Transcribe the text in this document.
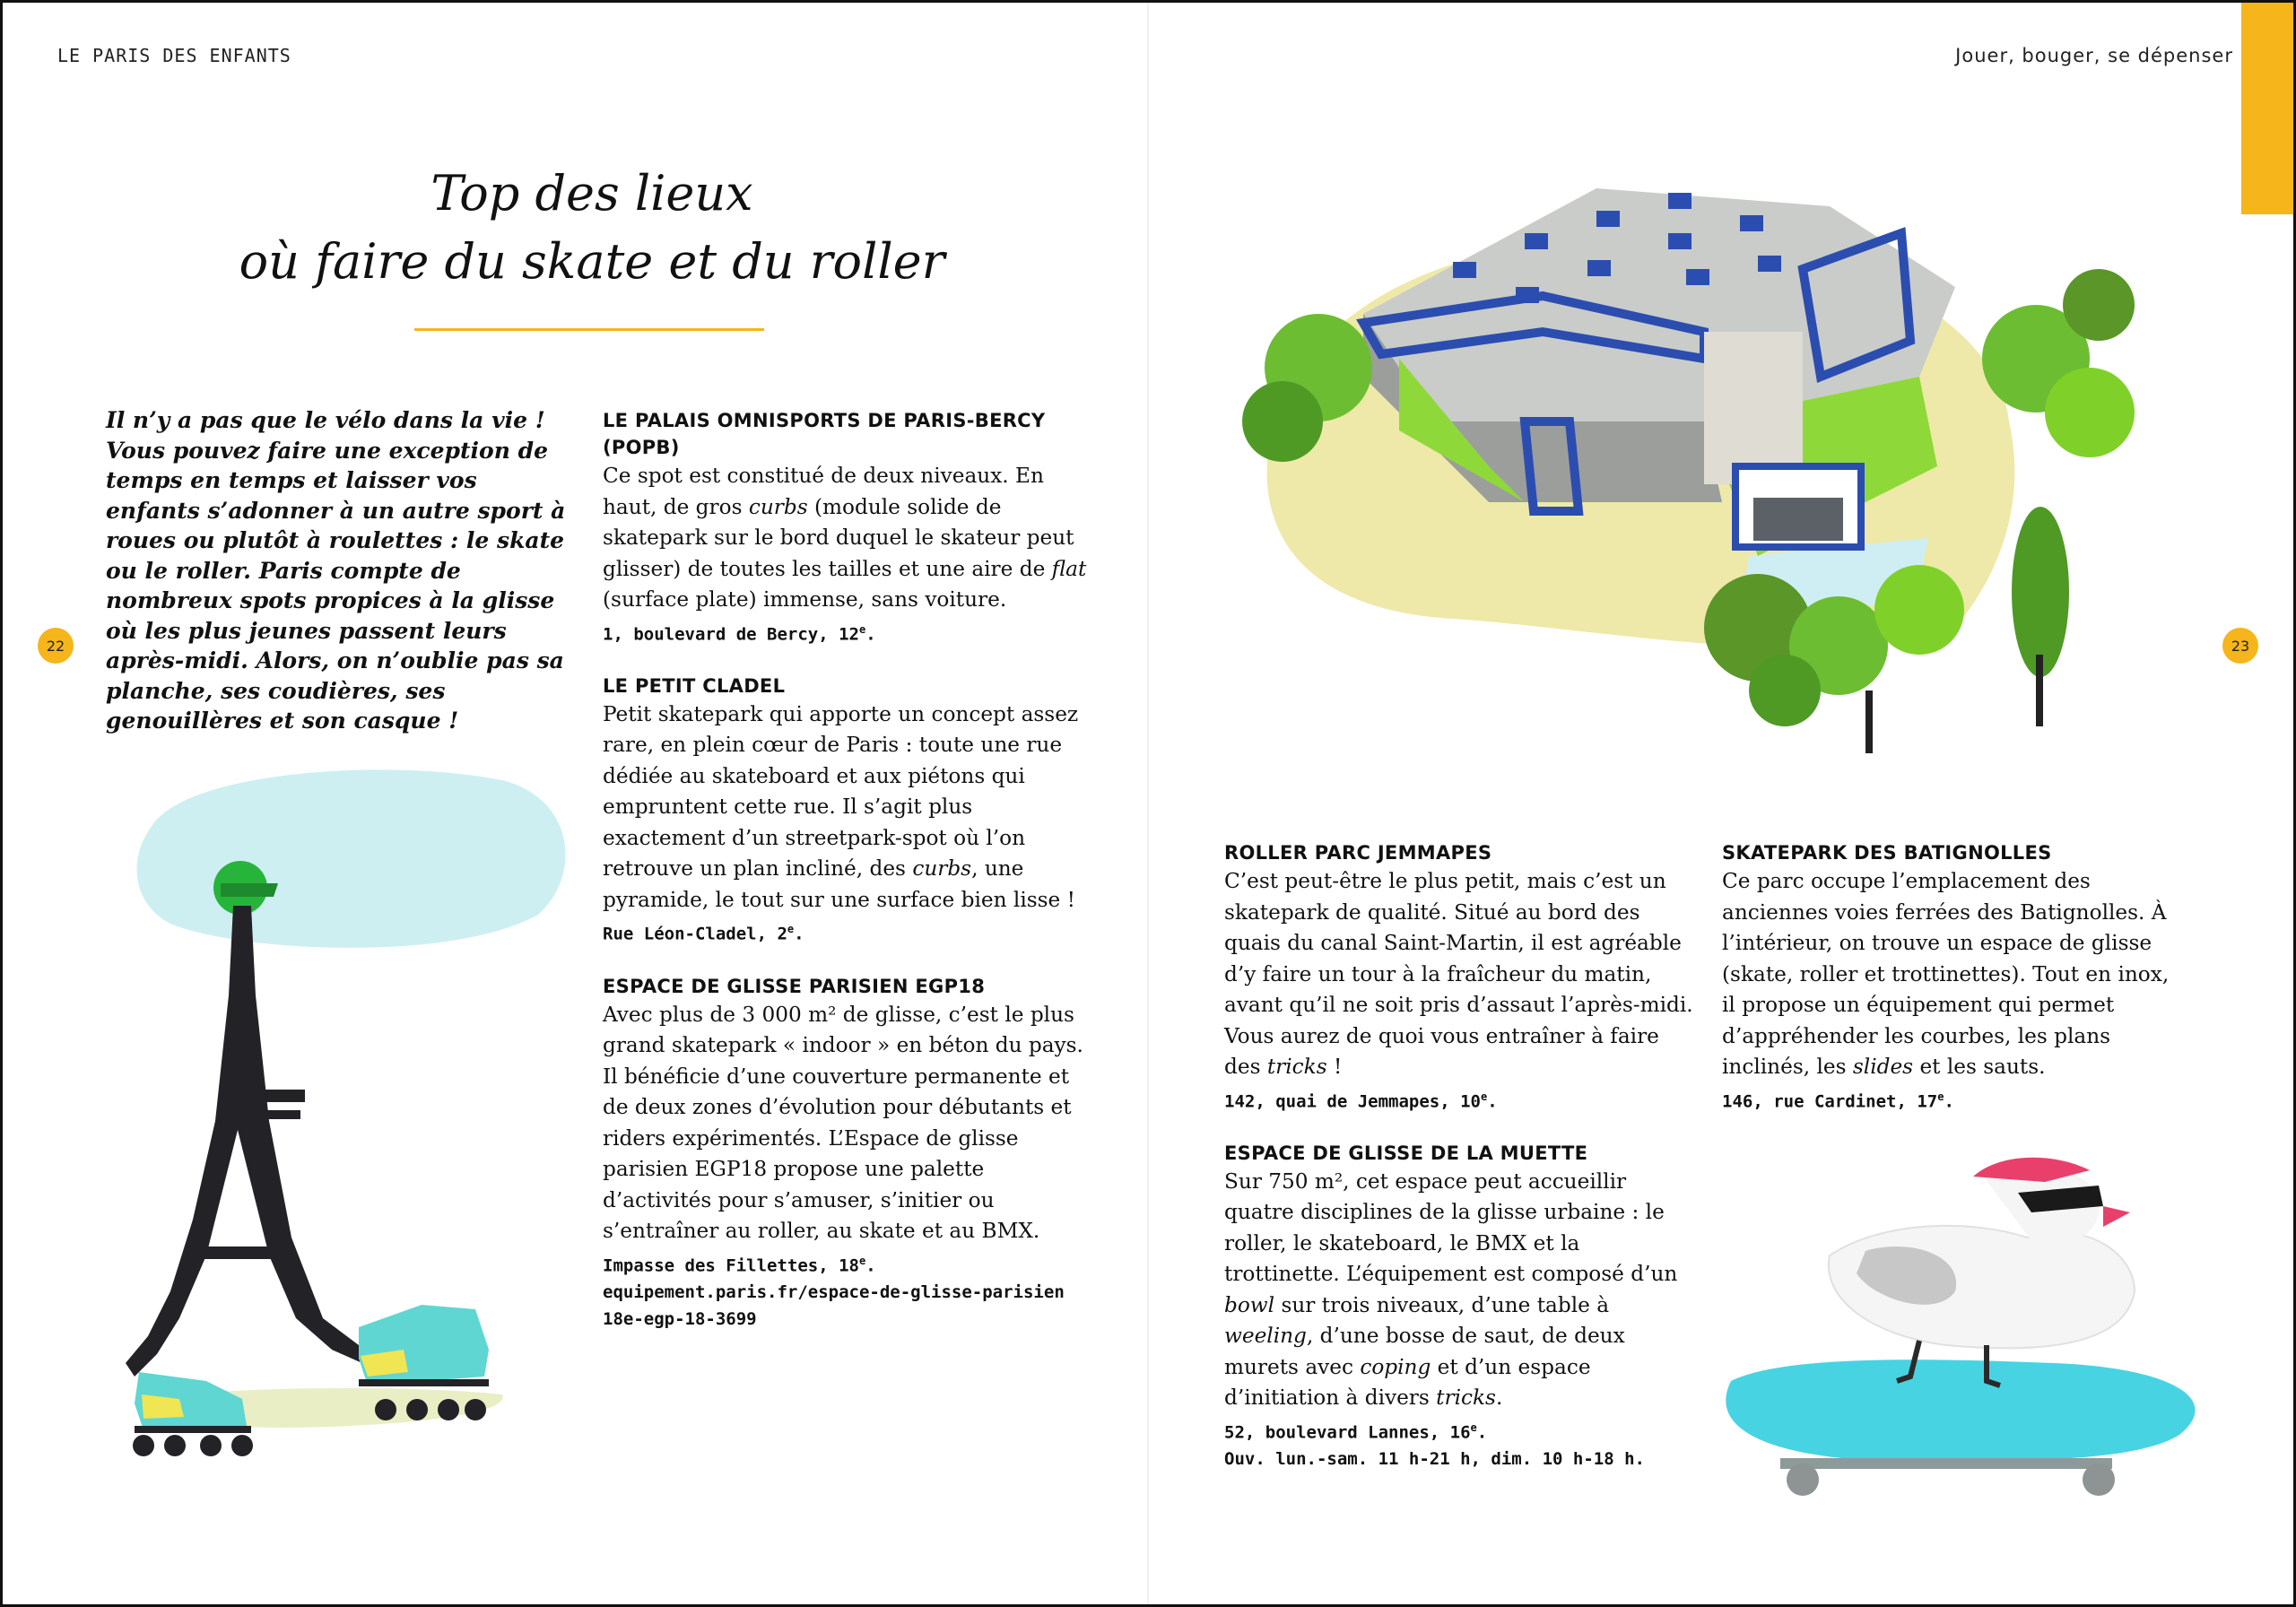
LE PARIS DES ENFANTS	Jouer, bouger, se dépenser
22	23
Top des lieux
où faire du skate et du roller
Il n’y a pas que le vélo dans la vie ! Vous pouvez faire une exception de temps en temps et laisser vos enfants s’adonner à un autre sport à roues ou plutôt à roulettes : le skate ou le roller. Paris compte de nombreux spots propices à la glisse où les plus jeunes passent leurs après-midi. Alors, on n’oublie pas sa planche, ses coudières, ses genouillères et son casque !

LE PALAIS OMNISPORTS DE PARIS-BERCY (POPB)

Ce spot est constitué de deux niveaux. En haut, de gros curbs (module solide de skatepark sur le bord duquel le skateur peut glisser) de toutes les tailles et une aire de flat (surface plate) immense, sans voiture.

1, boulevard de Bercy, 12e.

LE PETIT CLADEL

Petit skatepark qui apporte un concept assez rare, en plein cœur de Paris : toute une rue dédiée au skateboard et aux piétons qui empruntent cette rue. Il s’agit plus exactement d’un streetpark-spot où l’on retrouve un plan incliné, des curbs, une pyramide, le tout sur une surface bien lisse !

Rue Léon-Cladel, 2e.

ESPACE DE GLISSE PARISIEN EGP18

Avec plus de 3 000 m² de glisse, c’est le plus grand skatepark « indoor » en béton du pays. Il bénéficie d’une couverture permanente et de deux zones d’évolution pour débutants et riders expérimentés. L’Espace de glisse parisien EGP18 propose une palette d’activités pour s’amuser, s’initier ou s’entraîner au roller, au skate et au BMX.

Impasse des Fillettes, 18e.

equipement.paris.fr/espace-de-glisse-parisien 18e-egp-18-3699

ROLLER PARC JEMMAPES

C’est peut-être le plus petit, mais c’est un skatepark de qualité. Situé au bord des quais du canal Saint-Martin, il est agréable d’y faire un tour à la fraîcheur du matin, avant qu’il ne soit pris d’assaut l’après-midi. Vous aurez de quoi vous entraîner à faire des tricks !

142, quai de Jemmapes, 10e.

ESPACE DE GLISSE DE LA MUETTE

Sur 750 m², cet espace peut accueillir quatre disciplines de la glisse urbaine : le roller, le skateboard, le BMX et la trottinette. L’équipement est composé d’un bowl sur trois niveaux, d’une table à weeling, d’une bosse de saut, de deux murets avec coping et d’un espace d’initiation à divers tricks.

52, boulevard Lannes, 16e.

Ouv. lun.-sam. 11 h-21 h, dim. 10 h-18 h.

SKATEPARK DES BATIGNOLLES

Ce parc occupe l’emplacement des anciennes voies ferrées des Batignolles. À l’intérieur, on trouve un espace de glisse (skate, roller et trottinettes). Tout en inox, il propose un équipement qui permet d’appréhender les courbes, les plans inclinés, les slides et les sauts.

146, rue Cardinet, 17e.
